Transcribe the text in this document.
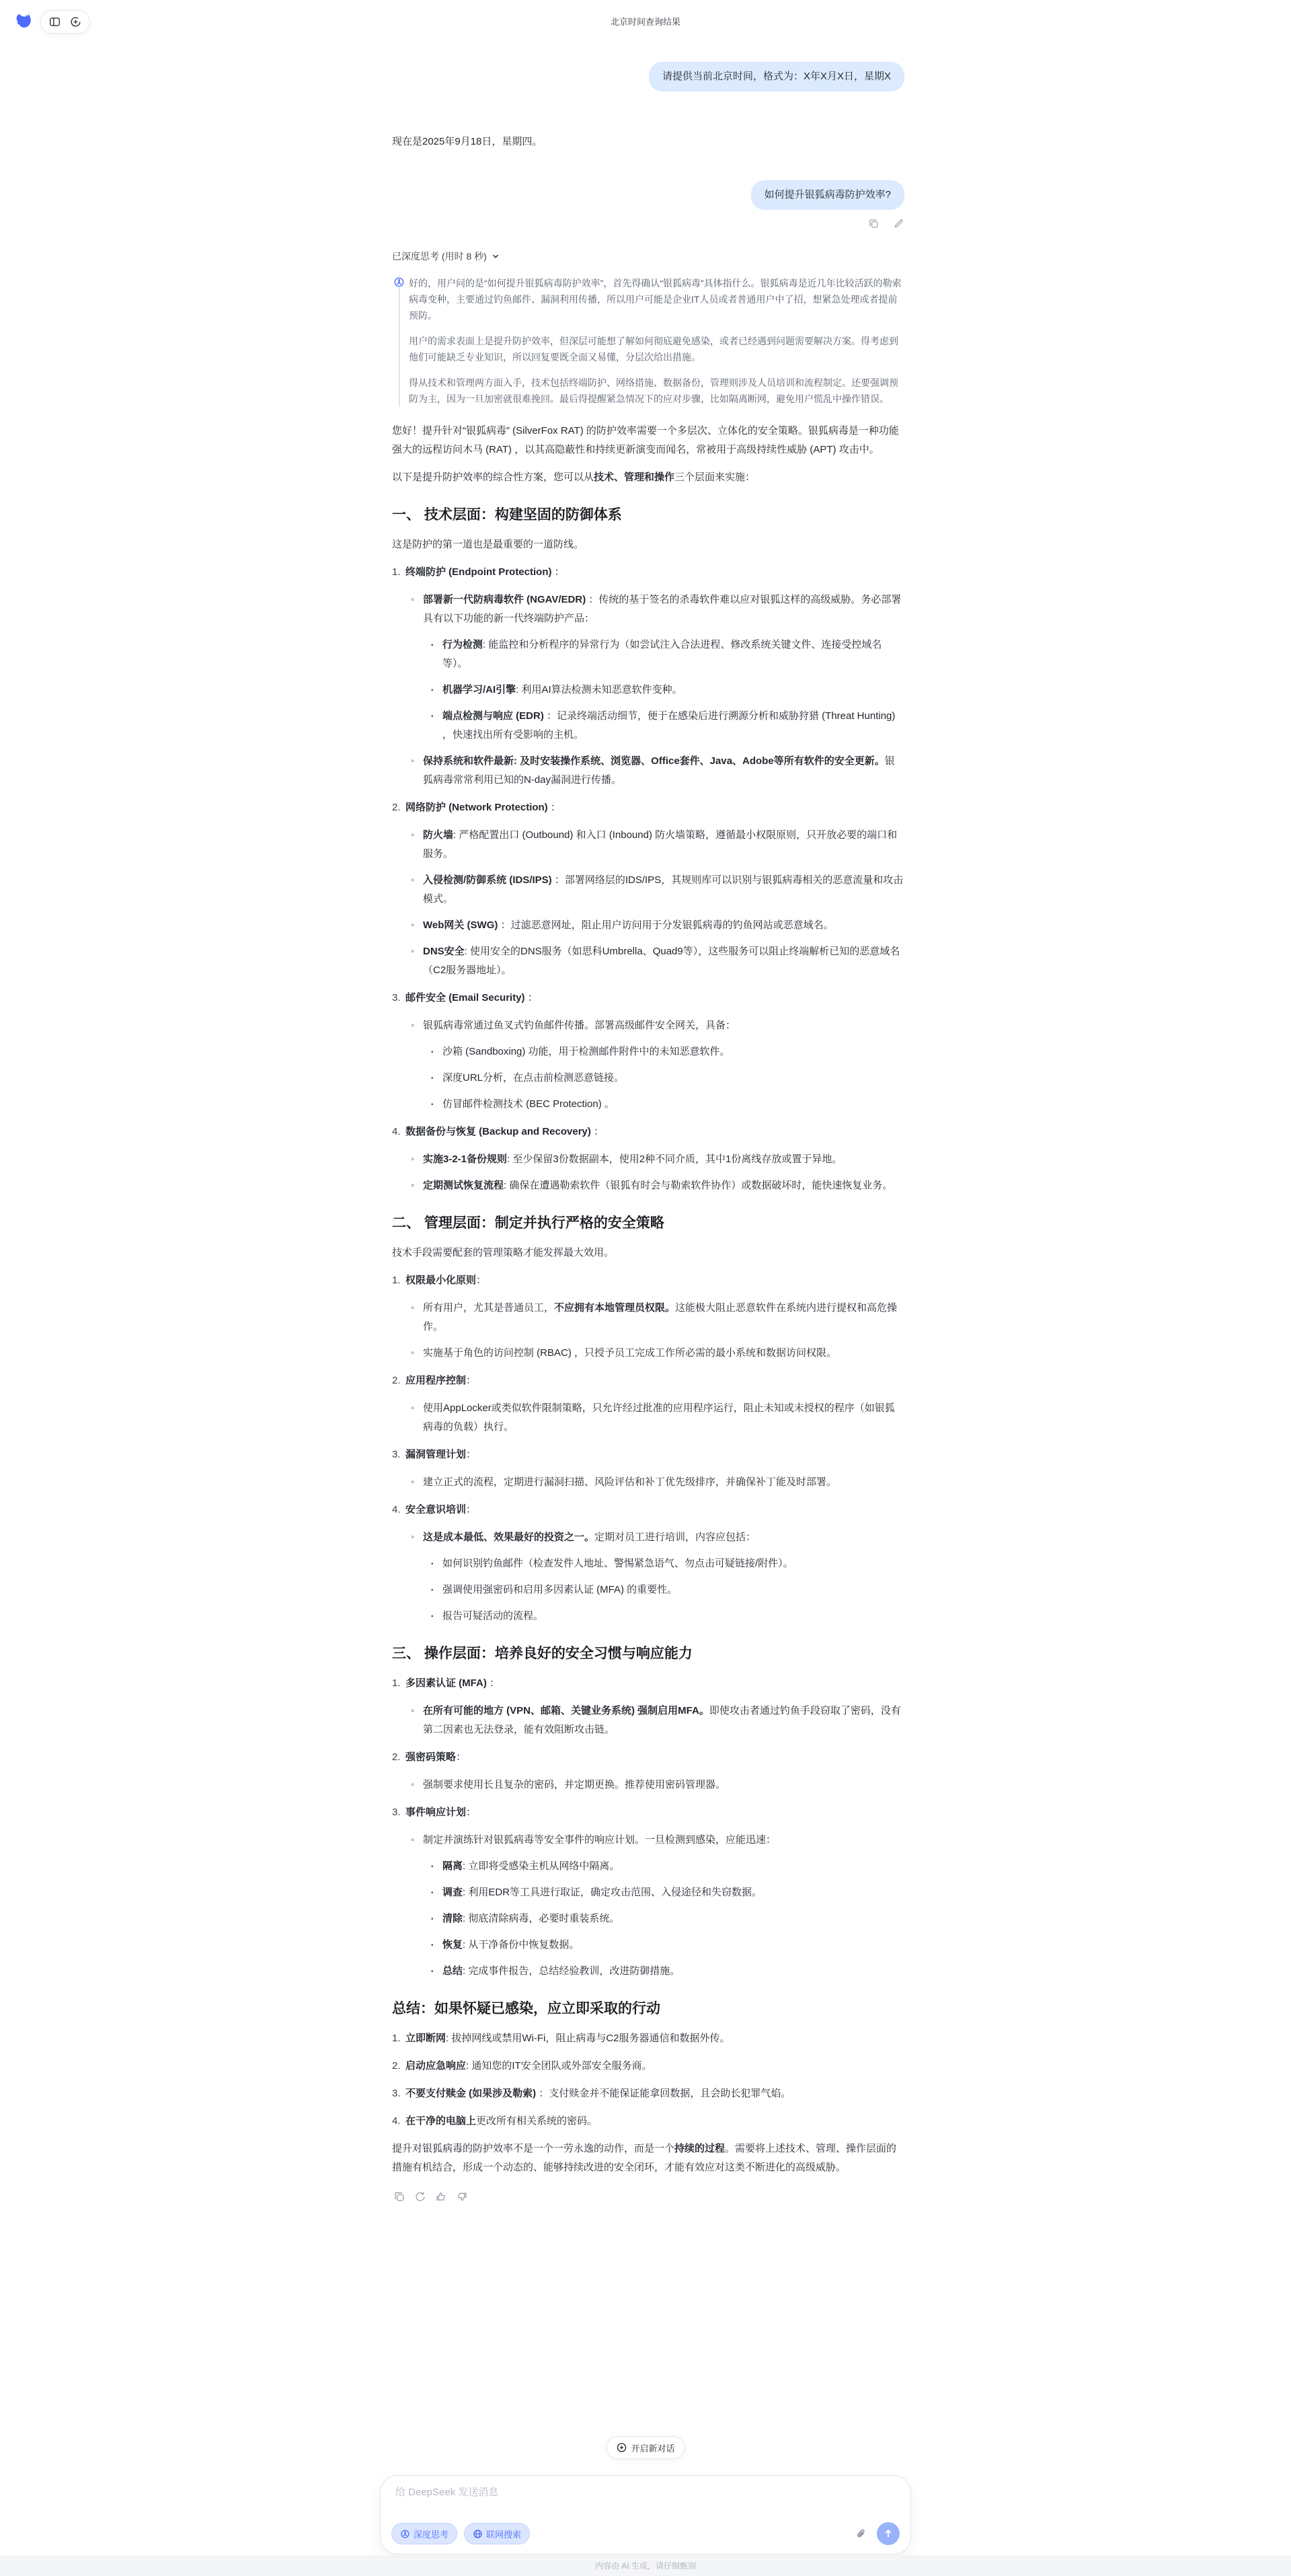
北京时间查询结果
请提供当前北京时间，格式为：X年X月X日，星期X

现在是2025年9月18日，星期四。

如何提升银狐病毒防护效率?
已深度思考 (用时 8 秒)

好的，用户问的是“如何提升银狐病毒防护效率”，首先得确认“银狐病毒”具体指什么。银狐病毒是近几年比较活跃的勒索病毒变种，主要通过钓鱼邮件、漏洞利用传播，所以用户可能是企业IT人员或者普通用户中了招，想紧急处理或者提前预防。

用户的需求表面上是提升防护效率，但深层可能想了解如何彻底避免感染，或者已经遇到问题需要解决方案。得考虑到他们可能缺乏专业知识，所以回复要既全面又易懂，分层次给出措施。

得从技术和管理两方面入手，技术包括终端防护、网络措施、数据备份，管理则涉及人员培训和流程制定。还要强调预防为主，因为一旦加密就很难挽回。最后得提醒紧急情况下的应对步骤，比如隔离断网，避免用户慌乱中操作错误。

您好！提升针对“银狐病毒” (SilverFox RAT) 的防护效率需要一个多层次、立体化的安全策略。银狐病毒是一种功能强大的远程访问木马 (RAT) ，以其高隐蔽性和持续更新演变而闻名，常被用于高级持续性威胁 (APT) 攻击中。
以下是提升防护效率的综合性方案，您可以从技术、管理和操作三个层面来实施：
一、 技术层面：构建坚固的防御体系
这是防护的第一道也是最重要的一道防线。
1. 终端防护 (Endpoint Protection) ：
◦ 部署新一代防病毒软件 (NGAV/EDR) ：传统的基于签名的杀毒软件难以应对银狐这样的高级威胁。务必部署具有以下功能的新一代终端防护产品：
▪ 行为检测: 能监控和分析程序的异常行为（如尝试注入合法进程、修改系统关键文件、连接受控域名等）。
▪ 机器学习/AI引擎: 利用AI算法检测未知恶意软件变种。
▪ 端点检测与响应 (EDR) ：记录终端活动细节，便于在感染后进行溯源分析和威胁狩猎 (Threat Hunting) ，快速找出所有受影响的主机。
◦ 保持系统和软件最新: 及时安装操作系统、浏览器、Office套件、Java、Adobe等所有软件的安全更新。银狐病毒常常利用已知的N-day漏洞进行传播。
2. 网络防护 (Network Protection) ：
◦ 防火墙: 严格配置出口 (Outbound) 和入口 (Inbound) 防火墙策略，遵循最小权限原则，只开放必要的端口和服务。
◦ 入侵检测/防御系统 (IDS/IPS) ：部署网络层的IDS/IPS，其规则库可以识别与银狐病毒相关的恶意流量和攻击模式。
◦ Web网关 (SWG) ：过滤恶意网址，阻止用户访问用于分发银狐病毒的钓鱼网站或恶意域名。
◦ DNS安全: 使用安全的DNS服务（如思科Umbrella、Quad9等），这些服务可以阻止终端解析已知的恶意域名（C2服务器地址）。
3. 邮件安全 (Email Security) ：
◦ 银狐病毒常通过鱼叉式钓鱼邮件传播。部署高级邮件安全网关，具备：
▪ 沙箱 (Sandboxing) 功能，用于检测邮件附件中的未知恶意软件。
▪ 深度URL分析，在点击前检测恶意链接。
▪ 仿冒邮件检测技术 (BEC Protection) 。
4. 数据备份与恢复 (Backup and Recovery) ：
◦ 实施3-2-1备份规则: 至少保留3份数据副本，使用2种不同介质，其中1份离线存放或置于异地。
◦ 定期测试恢复流程: 确保在遭遇勒索软件（银狐有时会与勒索软件协作）或数据破坏时，能快速恢复业务。
二、 管理层面：制定并执行严格的安全策略
技术手段需要配套的管理策略才能发挥最大效用。
1. 权限最小化原则：
◦ 所有用户，尤其是普通员工，不应拥有本地管理员权限。这能极大阻止恶意软件在系统内进行提权和高危操作。
◦ 实施基于角色的访问控制 (RBAC) ，只授予员工完成工作所必需的最小系统和数据访问权限。
2. 应用程序控制：
◦ 使用AppLocker或类似软件限制策略，只允许经过批准的应用程序运行，阻止未知或未授权的程序（如银狐病毒的负载）执行。
3. 漏洞管理计划：
◦ 建立正式的流程，定期进行漏洞扫描、风险评估和补丁优先级排序，并确保补丁能及时部署。
4. 安全意识培训：
◦ 这是成本最低、效果最好的投资之一。定期对员工进行培训，内容应包括：
▪ 如何识别钓鱼邮件（检查发件人地址、警惕紧急语气、勿点击可疑链接/附件）。
▪ 强调使用强密码和启用多因素认证 (MFA) 的重要性。
▪ 报告可疑活动的流程。
三、 操作层面：培养良好的安全习惯与响应能力
1. 多因素认证 (MFA) ：
◦ 在所有可能的地方 (VPN、邮箱、关键业务系统) 强制启用MFA。即使攻击者通过钓鱼手段窃取了密码，没有第二因素也无法登录，能有效阻断攻击链。
2. 强密码策略：
◦ 强制要求使用长且复杂的密码，并定期更换。推荐使用密码管理器。
3. 事件响应计划：
◦ 制定并演练针对银狐病毒等安全事件的响应计划。一旦检测到感染，应能迅速：
▪ 隔离: 立即将受感染主机从网络中隔离。
▪ 调查: 利用EDR等工具进行取证，确定攻击范围、入侵途径和失窃数据。
▪ 清除: 彻底清除病毒，必要时重装系统。
▪ 恢复: 从干净备份中恢复数据。
▪ 总结: 完成事件报告，总结经验教训，改进防御措施。
总结：如果怀疑已感染，应立即采取的行动
1. 立即断网: 拔掉网线或禁用Wi-Fi，阻止病毒与C2服务器通信和数据外传。
2. 启动应急响应: 通知您的IT安全团队或外部安全服务商。
3. 不要支付赎金 (如果涉及勒索) ：支付赎金并不能保证能拿回数据，且会助长犯罪气焰。
4. 在干净的电脑上更改所有相关系统的密码。
提升对银狐病毒的防护效率不是一个一劳永逸的动作，而是一个持续的过程。需要将上述技术、管理、操作层面的措施有机结合，形成一个动态的、能够持续改进的安全闭环，才能有效应对这类不断进化的高级威胁。
开启新对话
给 DeepSeek 发送消息
深度思考	联网搜索
内容由 AI 生成，请仔细甄别
